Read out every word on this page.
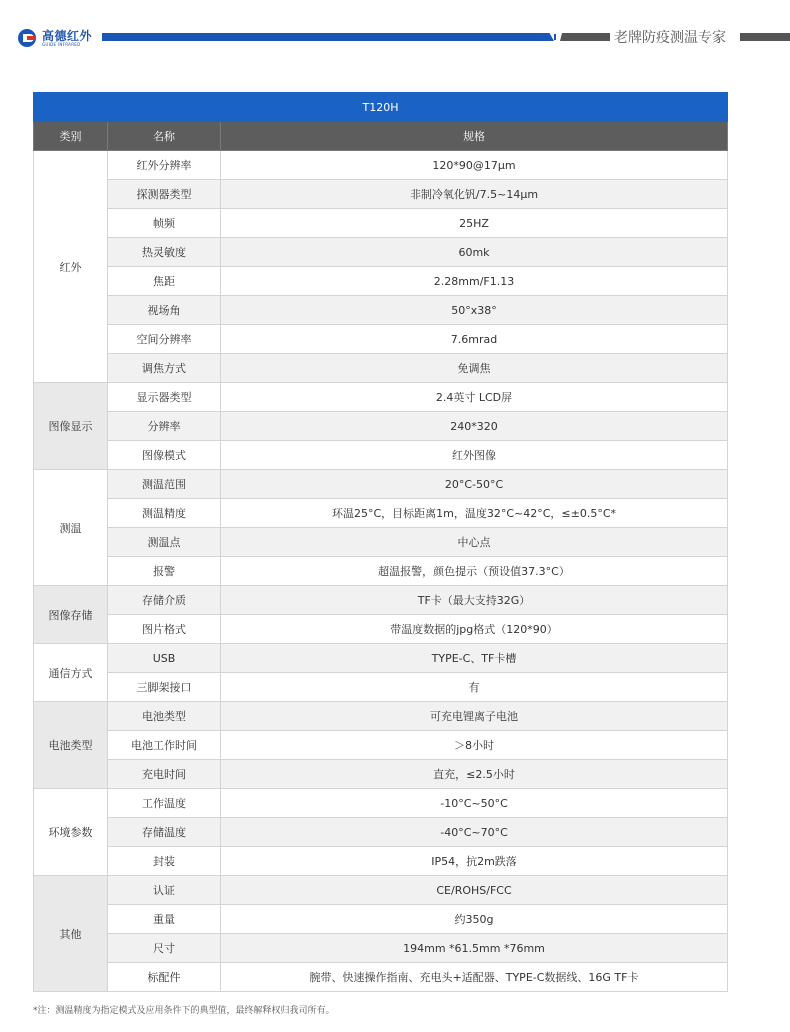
高德红外
GUIDE INFRARED	老牌防疫测温专家
T120H		
类别	名称	规格
红外	红外分辨率	120*90@17μm
	探测器类型	非制冷氧化钒/7.5~14μm
	帧频	25HZ
	热灵敏度	60mk
	焦距	2.28mm/F1.13
	视场角	50°x38°
	空间分辨率	7.6mrad
	调焦方式	免调焦
图像显示	显示器类型	2.4英寸 LCD屏
	分辨率	240*320
	图像模式	红外图像
测温	测温范围	20°C-50°C
	测温精度	环温25°C，目标距离1m，温度32°C~42°C，≤±0.5°C*
	测温点	中心点
	报警	超温报警，颜色提示（预设值37.3°C）
图像存储	存储介质	TF卡（最大支持32G）
	图片格式	带温度数据的jpg格式（120*90）
通信方式	USB	TYPE-C、TF卡槽
	三脚架接口	有
电池类型	电池类型	可充电锂离子电池
	电池工作时间	＞8小时
	充电时间	直充，≤2.5小时
环境参数	工作温度	-10°C~50°C
	存储温度	-40°C~70°C
	封装	IP54，抗2m跌落
其他	认证	CE/ROHS/FCC
	重量	约350g
	尺寸	194mm *61.5mm *76mm
	标配件	腕带、快速操作指南、充电头+适配器、TYPE-C数据线、16G TF卡
*注：测温精度为指定模式及应用条件下的典型值，最终解释权归我司所有。
